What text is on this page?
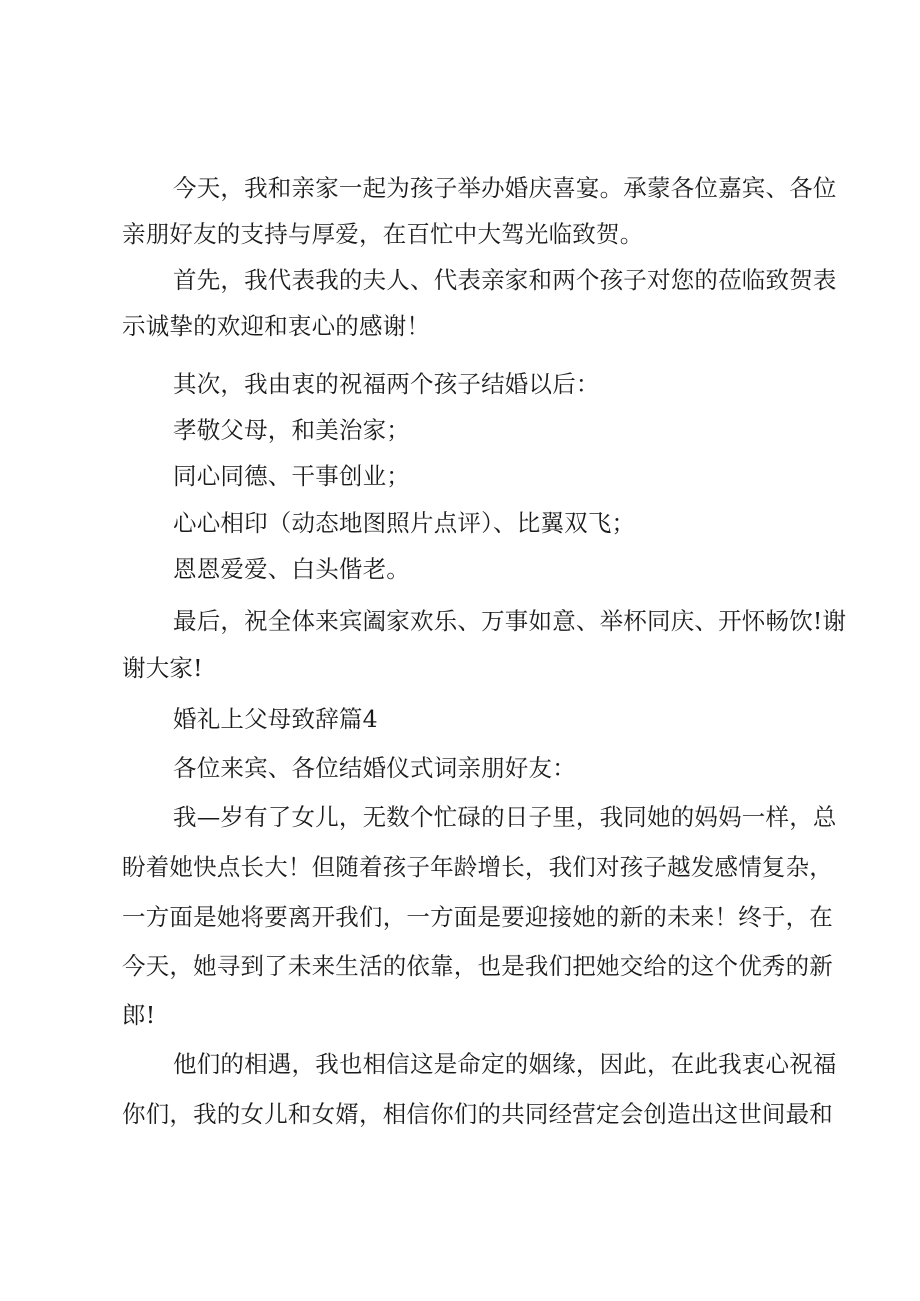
今天，我和亲家一起为孩子举办婚庆喜宴。承蒙各位嘉宾、各位
亲朋好友的支持与厚爱，在百忙中大驾光临致贺。
首先，我代表我的夫人、代表亲家和两个孩子对您的莅临致贺表
示诚挚的欢迎和衷心的感谢！
其次，我由衷的祝福两个孩子结婚以后：
孝敬父母，和美治家；
同心同德、干事创业；
心心相印（动态地图照片点评）、比翼双飞；
恩恩爱爱、白头偕老。
最后，祝全体来宾阖家欢乐、万事如意、举杯同庆、开怀畅饮!谢
谢大家!
婚礼上父母致辞篇4
各位来宾、各位结婚仪式词亲朋好友：
我—岁有了女儿，无数个忙碌的日子里，我同她的妈妈一样，总
盼着她快点长大！但随着孩子年龄增长，我们对孩子越发感情复杂，
一方面是她将要离开我们，一方面是要迎接她的新的未来！终于，在
今天，她寻到了未来生活的依靠，也是我们把她交给的这个优秀的新
郎!
他们的相遇，我也相信这是命定的姻缘，因此，在此我衷心祝福
你们，我的女儿和女婿，相信你们的共同经营定会创造出这世间最和
